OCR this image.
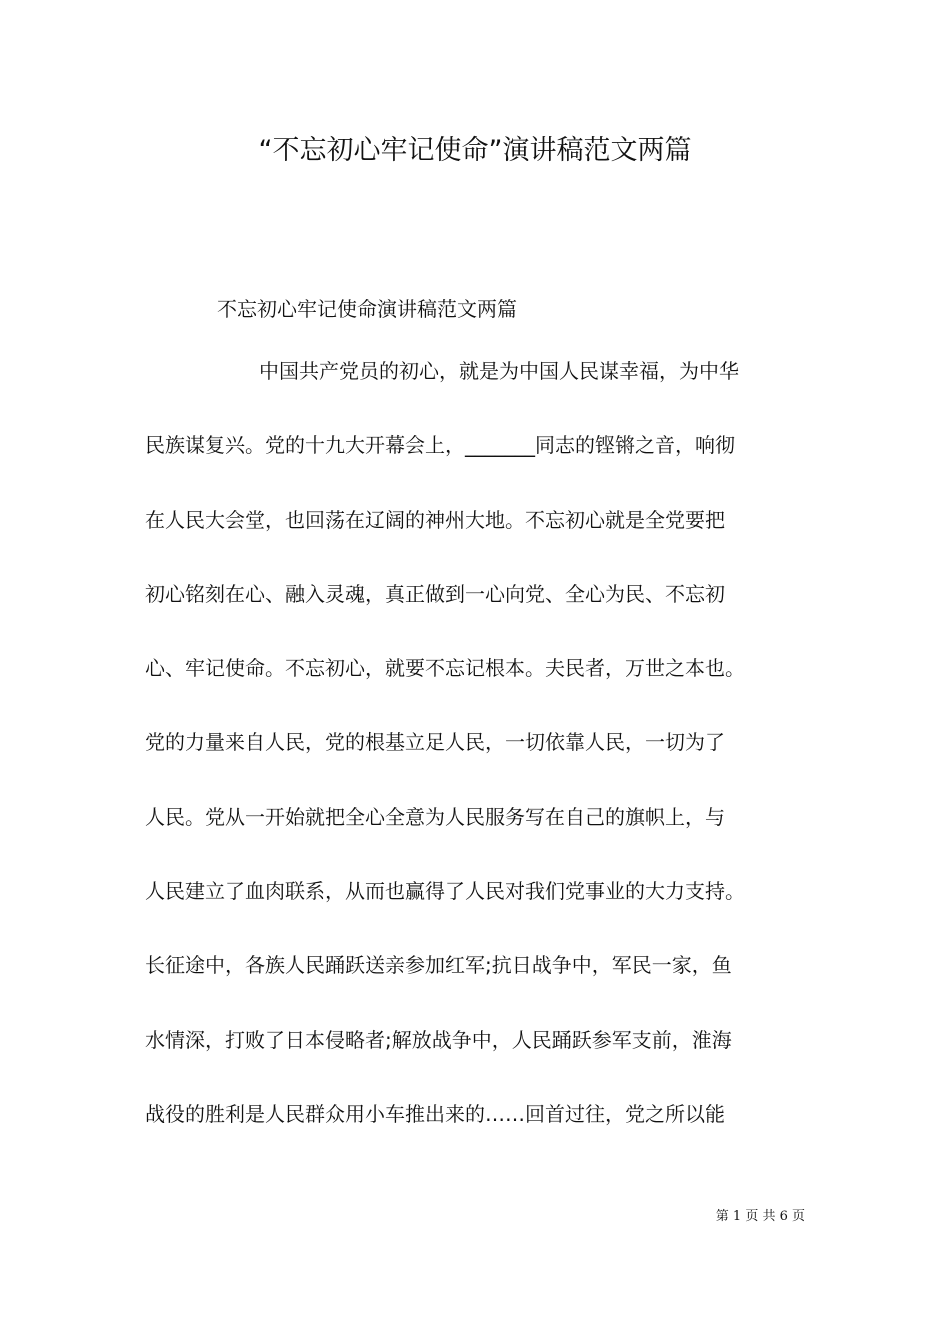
“不忘初心牢记使命”演讲稿范文两篇

不忘初心牢记使命演讲稿范文两篇

中国共产党员的初心，就是为中国人民谋幸福，为中华

民族谋复兴。党的十九大开幕会上，_______同志的铿锵之音，响彻

在人民大会堂，也回荡在辽阔的神州大地。不忘初心就是全党要把

初心铭刻在心、融入灵魂，真正做到一心向党、全心为民、不忘初

心、牢记使命。不忘初心，就要不忘记根本。夫民者，万世之本也。

党的力量来自人民，党的根基立足人民，一切依靠人民，一切为了

人民。党从一开始就把全心全意为人民服务写在自己的旗帜上，与

人民建立了血肉联系，从而也赢得了人民对我们党事业的大力支持。

长征途中，各族人民踊跃送亲参加红军;抗日战争中，军民一家，鱼

水情深，打败了日本侵略者;解放战争中，人民踊跃参军支前，淮海

战役的胜利是人民群众用小车推出来的……回首过往，党之所以能

第 1 页 共 6 页
